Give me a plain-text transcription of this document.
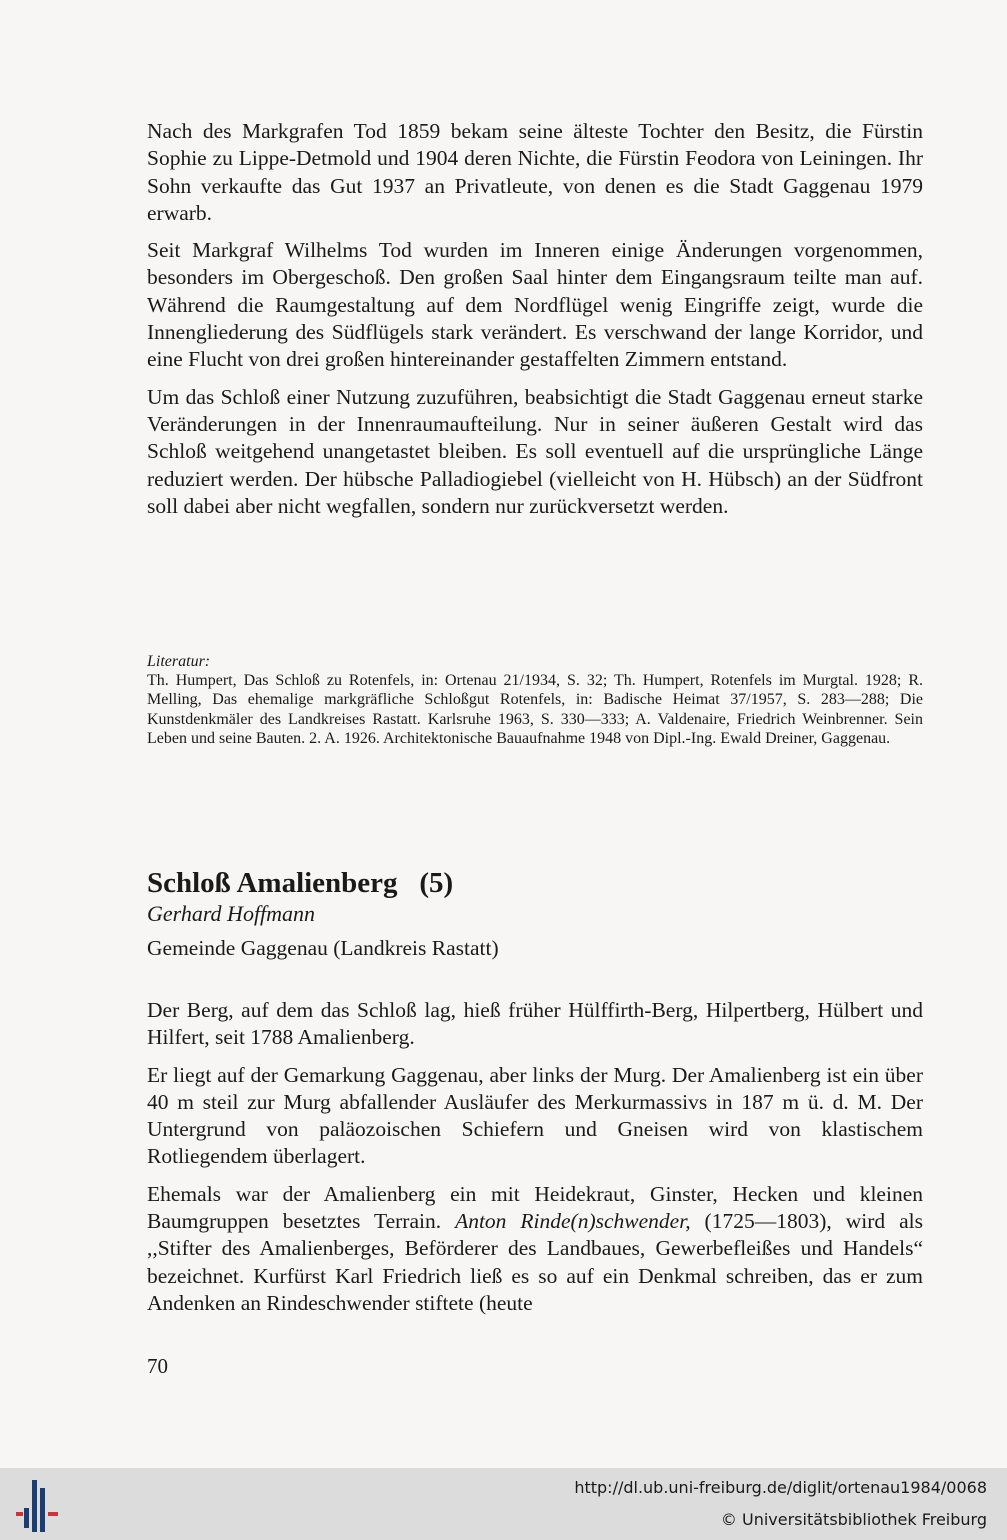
Nach des Markgrafen Tod 1859 bekam seine älteste Tochter den Besitz, die Fürstin Sophie zu Lippe-Detmold und 1904 deren Nichte, die Fürstin Feodora von Leiningen. Ihr Sohn verkaufte das Gut 1937 an Privatleute, von denen es die Stadt Gaggenau 1979 erwarb.

Seit Markgraf Wilhelms Tod wurden im Inneren einige Änderungen vorgenommen, besonders im Obergeschoß. Den großen Saal hinter dem Eingangsraum teilte man auf. Während die Raumgestaltung auf dem Nordflügel wenig Eingriffe zeigt, wurde die Innengliederung des Südflügels stark verändert. Es verschwand der lange Korridor, und eine Flucht von drei großen hintereinander gestaffelten Zimmern entstand.

Um das Schloß einer Nutzung zuzuführen, beabsichtigt die Stadt Gaggenau erneut starke Veränderungen in der Innenraumaufteilung. Nur in seiner äußeren Gestalt wird das Schloß weitgehend unangetastet bleiben. Es soll eventuell auf die ursprüngliche Länge reduziert werden. Der hübsche Palladiogiebel (vielleicht von H. Hübsch) an der Südfront soll dabei aber nicht wegfallen, sondern nur zurückversetzt werden.

Literatur:

Th. Humpert, Das Schloß zu Rotenfels, in: Ortenau 21/1934, S. 32; Th. Humpert, Rotenfels im Murgtal. 1928; R. Melling, Das ehemalige markgräfliche Schloßgut Rotenfels, in: Badische Heimat 37/1957, S. 283—288; Die Kunstdenkmäler des Landkreises Rastatt. Karlsruhe 1963, S. 330—333; A. Valdenaire, Friedrich Weinbrenner. Sein Leben und seine Bauten. 2. A. 1926. Architektonische Bauaufnahme 1948 von Dipl.-Ing. Ewald Dreiner, Gaggenau.

Schloß Amalienberg (5)

Gerhard Hoffmann

Gemeinde Gaggenau (Landkreis Rastatt)

Der Berg, auf dem das Schloß lag, hieß früher Hülffirth-Berg, Hilpertberg, Hülbert und Hilfert, seit 1788 Amalienberg.

Er liegt auf der Gemarkung Gaggenau, aber links der Murg. Der Amalienberg ist ein über 40 m steil zur Murg abfallender Ausläufer des Merkurmassivs in 187 m ü. d. M. Der Untergrund von paläozoischen Schiefern und Gneisen wird von klastischem Rotliegendem überlagert.

Ehemals war der Amalienberg ein mit Heidekraut, Ginster, Hecken und kleinen Baumgruppen besetztes Terrain. Anton Rinde(n)schwender, (1725—1803), wird als ,,Stifter des Amalienberges, Beförderer des Landbaues, Gewerbefleißes und Handels“ bezeichnet. Kurfürst Karl Friedrich ließ es so auf ein Denkmal schreiben, das er zum Andenken an Rindeschwender stiftete (heute

70
http://dl.ub.uni-freiburg.de/diglit/ortenau1984/0068
© Universitätsbibliothek Freiburg
